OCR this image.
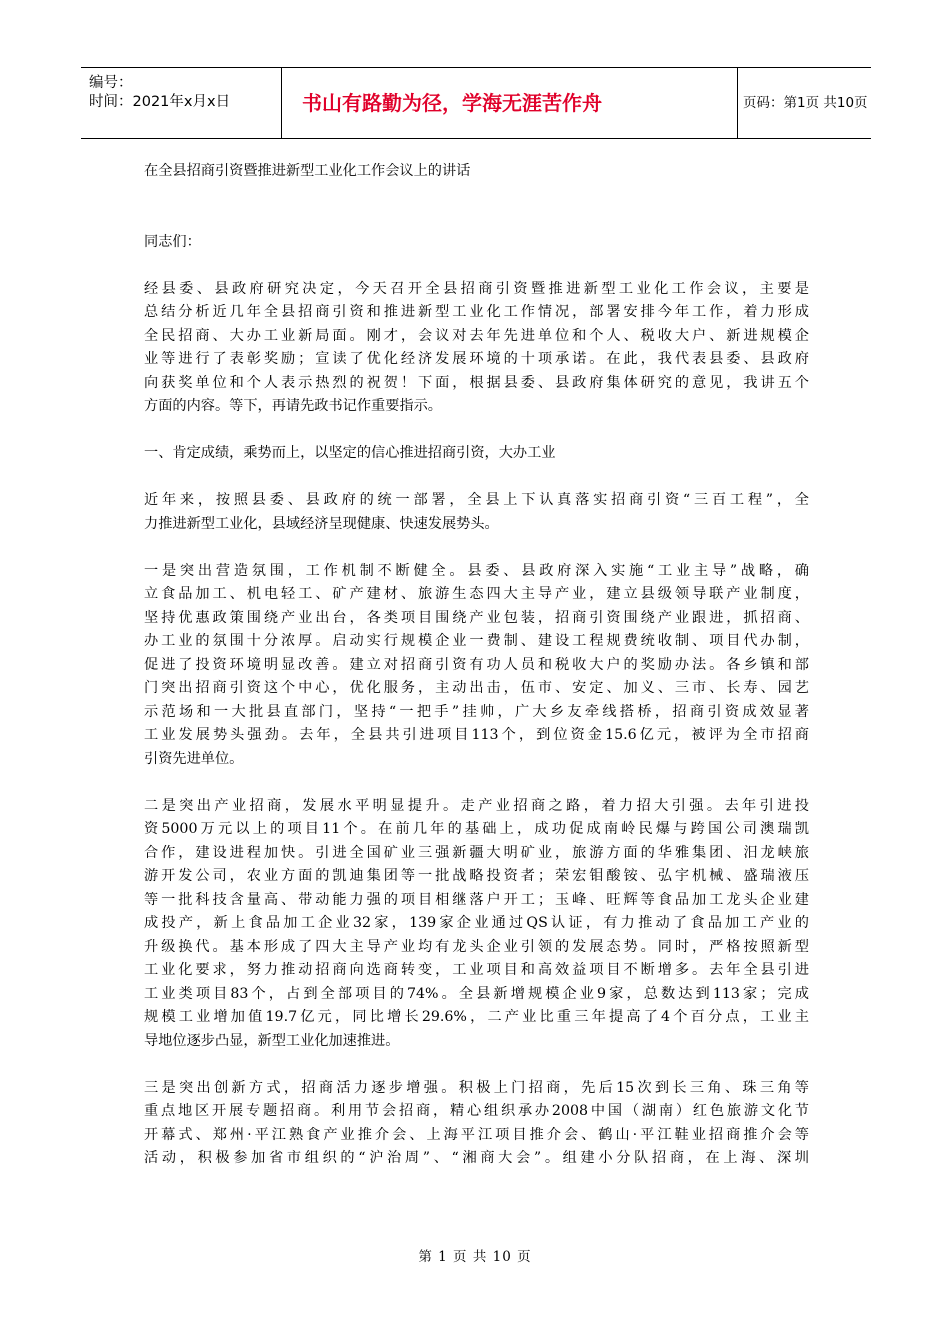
编号：
时间：2021年x月x日	书山有路勤为径，学海无涯苦作舟	页码：第1页 共10页
在全县招商引资暨推进新型工业化工作会议上的讲话
同志们：
经县委、县政府研究决定，今天召开全县招商引资暨推进新型工业化工作会议，主要是
总结分析近几年全县招商引资和推进新型工业化工作情况，部署安排今年工作，着力形成
全民招商、大办工业新局面。刚才，会议对去年先进单位和个人、税收大户、新进规模企
业等进行了表彰奖励；宣读了优化经济发展环境的十项承诺。在此，我代表县委、县政府
向获奖单位和个人表示热烈的祝贺！下面，根据县委、县政府集体研究的意见，我讲五个
方面的内容。等下，再请先政书记作重要指示。
一、肯定成绩，乘势而上，以坚定的信心推进招商引资，大办工业
近年来，按照县委、县政府的统一部署，全县上下认真落实招商引资“三百工程”，全
力推进新型工业化，县域经济呈现健康、快速发展势头。
一是突出营造氛围，工作机制不断健全。县委、县政府深入实施“工业主导”战略，确
立食品加工、机电轻工、矿产建材、旅游生态四大主导产业，建立县级领导联产业制度，
坚持优惠政策围绕产业出台，各类项目围绕产业包装，招商引资围绕产业跟进，抓招商、
办工业的氛围十分浓厚。启动实行规模企业一费制、建设工程规费统收制、项目代办制，
促进了投资环境明显改善。建立对招商引资有功人员和税收大户的奖励办法。各乡镇和部
门突出招商引资这个中心，优化服务，主动出击，伍市、安定、加义、三市、长寿、园艺
示范场和一大批县直部门，坚持“一把手”挂帅，广大乡友牵线搭桥，招商引资成效显著
工业发展势头强劲。去年，全县共引进项目113个，到位资金15.6亿元，被评为全市招商
引资先进单位。
二是突出产业招商，发展水平明显提升。走产业招商之路，着力招大引强。去年引进投
资5000万元以上的项目11个。在前几年的基础上，成功促成南岭民爆与跨国公司澳瑞凯
合作，建设进程加快。引进全国矿业三强新疆大明矿业，旅游方面的华雅集团、汨龙峡旅
游开发公司，农业方面的凯迪集团等一批战略投资者；荣宏钼酸铵、弘宇机械、盛瑞液压
等一批科技含量高、带动能力强的项目相继落户开工；玉峰、旺辉等食品加工龙头企业建
成投产，新上食品加工企业32家，139家企业通过QS认证，有力推动了食品加工产业的
升级换代。基本形成了四大主导产业均有龙头企业引领的发展态势。同时，严格按照新型
工业化要求，努力推动招商向选商转变，工业项目和高效益项目不断增多。去年全县引进
工业类项目83个，占到全部项目的74%。全县新增规模企业9家，总数达到113家；完成
规模工业增加值19.7亿元，同比增长29.6%，二产业比重三年提高了4个百分点，工业主
导地位逐步凸显，新型工业化加速推进。
三是突出创新方式，招商活力逐步增强。积极上门招商，先后15次到长三角、珠三角等
重点地区开展专题招商。利用节会招商，精心组织承办2008中国（湖南）红色旅游文化节
开幕式、郑州·平江熟食产业推介会、上海平江项目推介会、鹤山·平江鞋业招商推介会等
活动，积极参加省市组织的“沪治周”、“湘商大会”。组建小分队招商，在上海、深圳
第 1 页 共 10 页
